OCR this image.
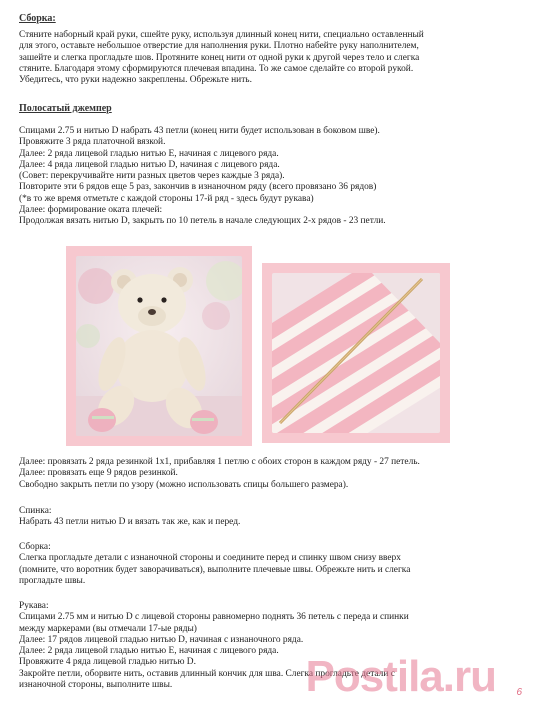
Сборка:

Стяните наборный край руки, сшейте руку, используя длинный конец нити, специально оставленный
для этого, оставьте небольшое отверстие для наполнения руки. Плотно набейте руку наполнителем,
зашейте и слегка прогладьте шов. Протяните конец нити от одной руки к другой через тело и слегка
стяните. Благодаря этому сформируются плечевая впадина. То же самое сделайте со второй рукой.
Убедитесь, что руки надежно закреплены. Обрежьте нить.

Полосатый джемпер

Спицами 2.75 и нитью D набрать 43 петли (конец нити будет использован в боковом шве).
Провяжите 3 ряда платочной вязкой.
Далее: 2 ряда лицевой гладью нитью E, начиная с лицевого ряда.
Далее: 4 ряда лицевой гладью нитью D, начиная с лицевого ряда.
(Совет: перекручивайте нити разных цветов через каждые 3 ряда).
Повторите эти 6 рядов еще 5 раз, закончив в изнаночном ряду (всего провязано 36 рядов)
(*в то же время отметьте с каждой стороны 17-й ряд - здесь будут рукава)
Далее: формирование оката плечей:
Продолжая вязать нитью D, закрыть по 10 петель в начале следующих 2-х рядов - 23 петли.

Далее: провязать 2 ряда резинкой 1x1, прибавляя 1 петлю с обоих сторон в каждом ряду - 27 петель.
Далее: провязать еще 9 рядов резинкой.
Свободно закрыть петли по узору (можно использовать спицы большего размера).

Спинка:
Набрать 43 петли нитью D и вязать так же, как и перед.

Сборка:
Слегка прогладьте детали с изнаночной стороны и соедините перед и спинку швом снизу вверх
(помните, что воротник будет заворачиваться), выполните плечевые швы. Обрежьте нить и слегка
прогладьте швы.

Рукава:
Спицами 2.75 мм и нитью D с лицевой стороны равномерно поднять 36 петель с переда и спинки
между маркерами (вы отмечали 17-ые ряды)
Далее: 17 рядов лицевой гладью нитью D, начиная с изнаночного ряда.
Далее: 2 ряда лицевой гладью нитью E, начиная с лицевого ряда.
Провяжите 4 ряда лицевой гладью нитью D.
Закройте петли, оборвите нить, оставив длинный кончик для шва. Слегка прогладьте детали с
изнаночной стороны, выполните швы.	Postila.ru 6
